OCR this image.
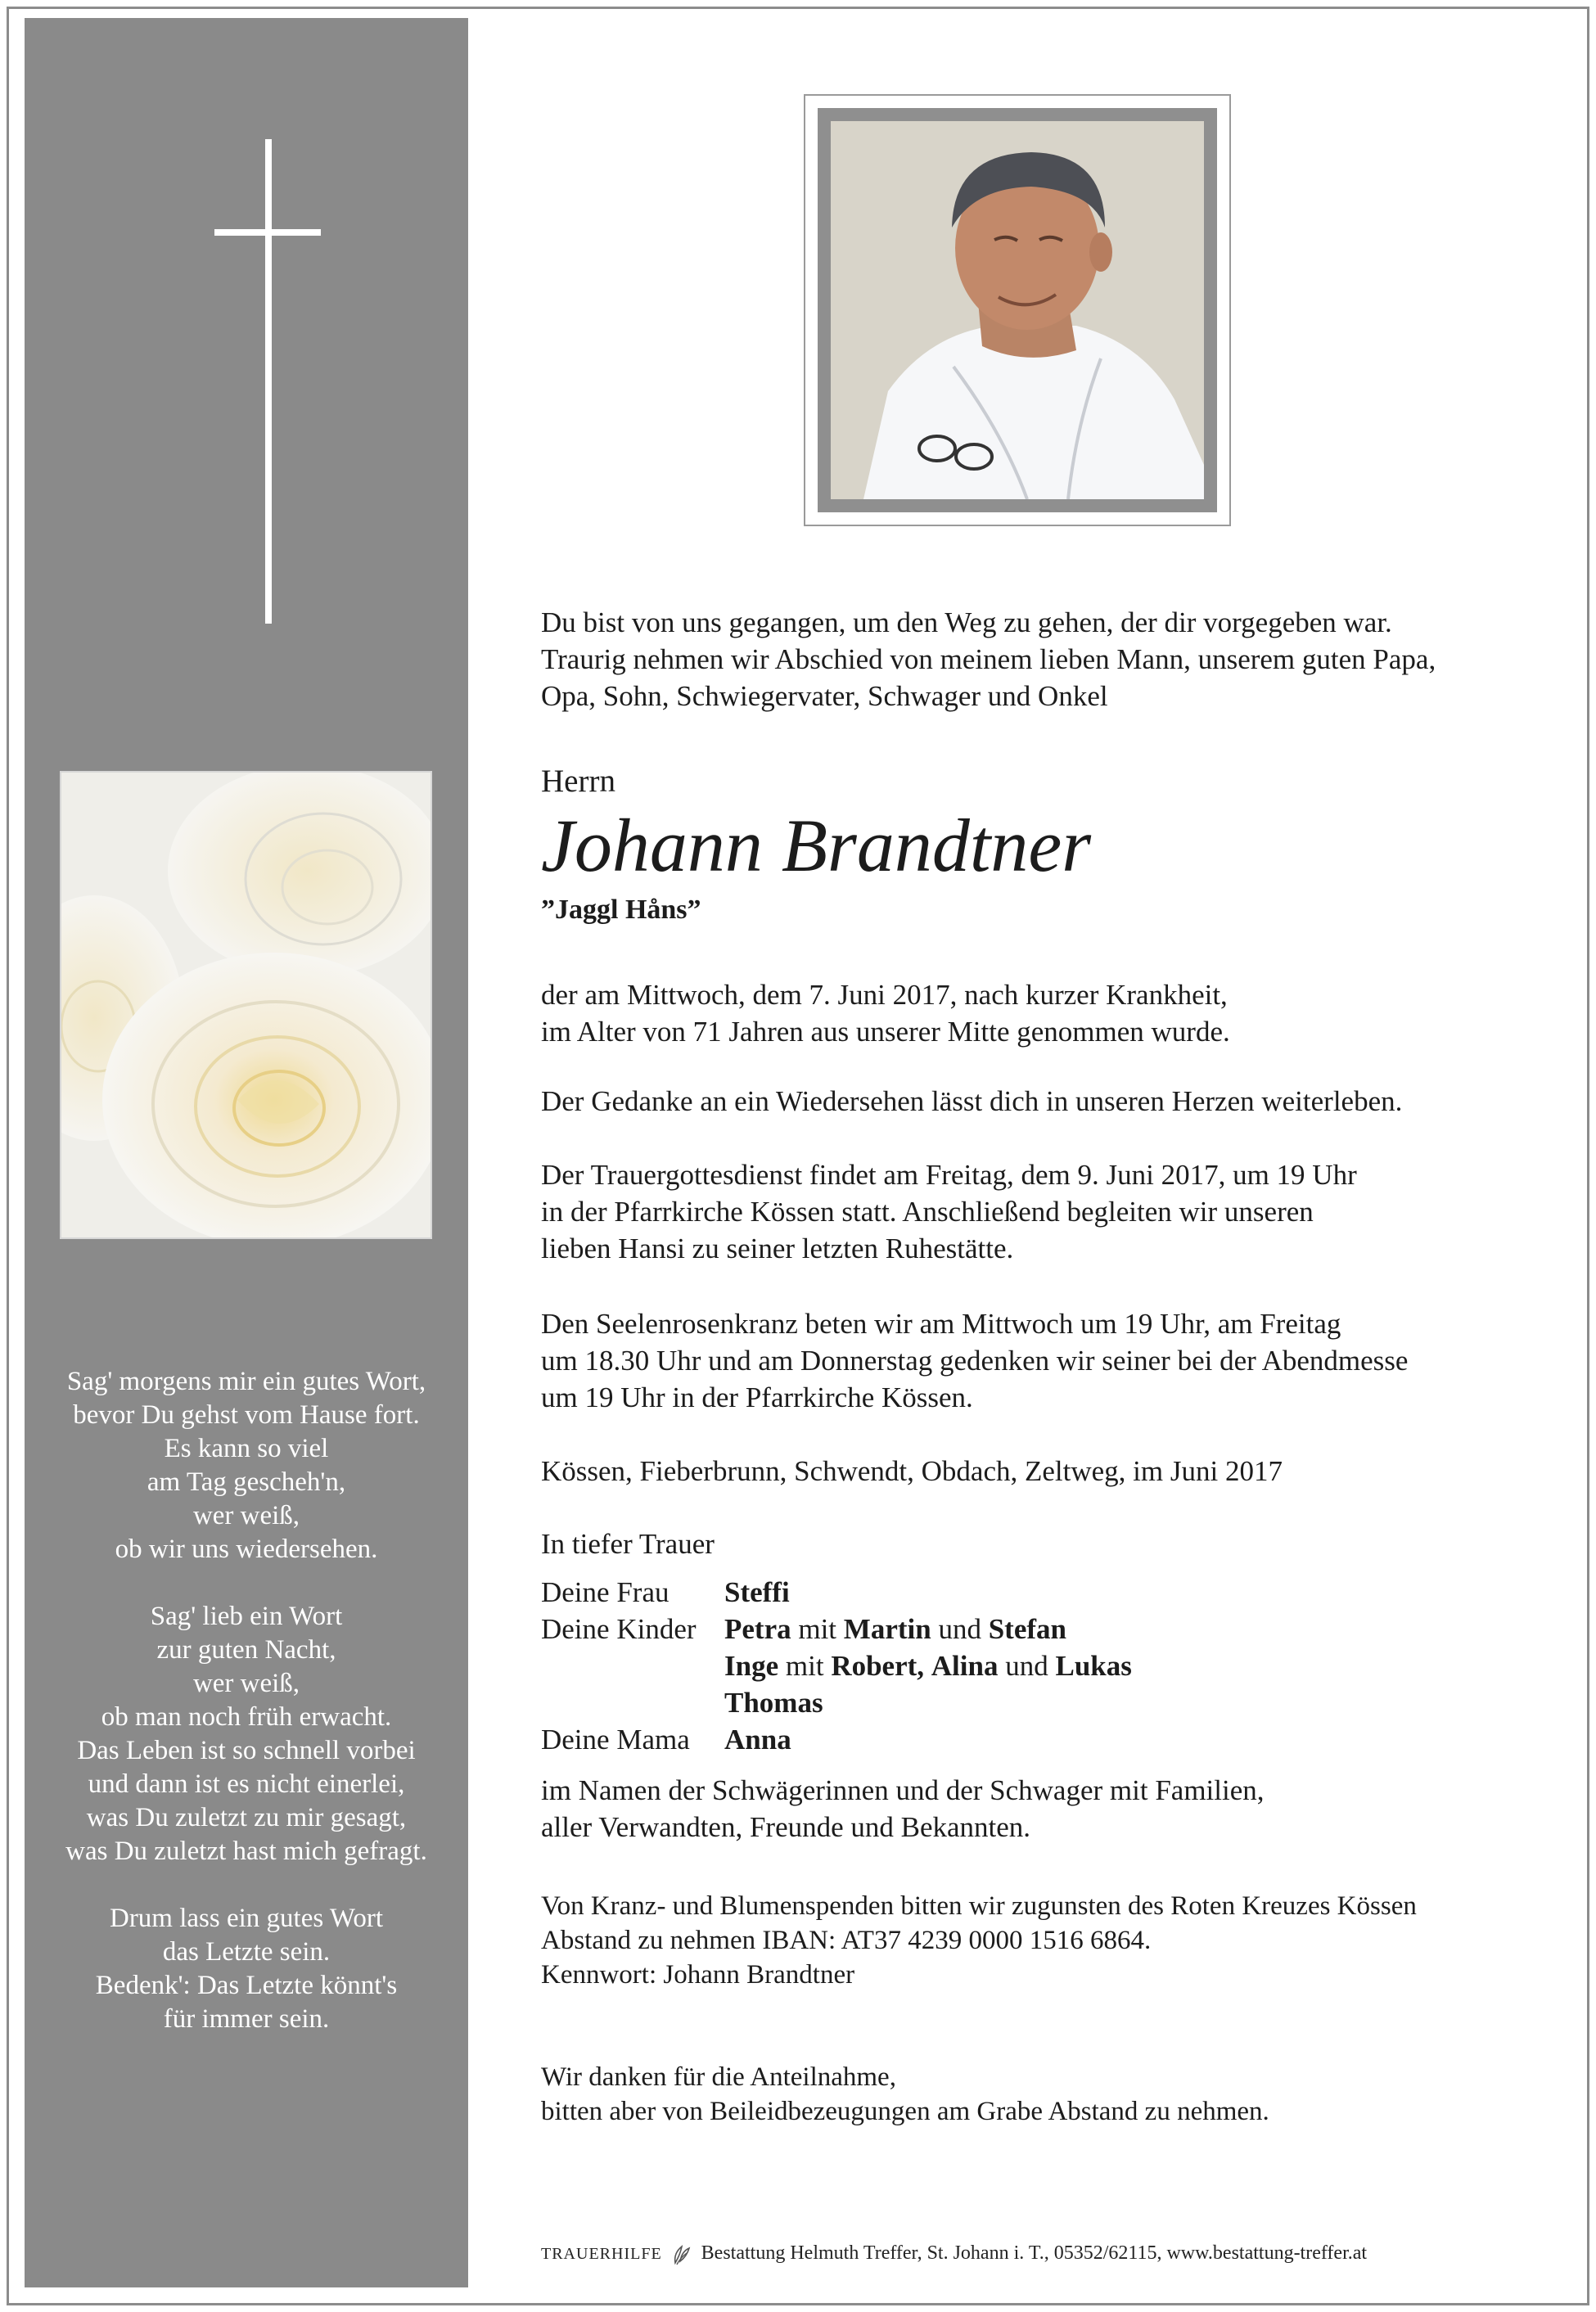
Sag' morgens mir ein gutes Wort,

bevor Du gehst vom Hause fort.

Es kann so viel

am Tag gescheh'n,

wer weiß,

ob wir uns wiedersehen.

Sag' lieb ein Wort

zur guten Nacht,

wer weiß,

ob man noch früh erwacht.

Das Leben ist so schnell vorbei

und dann ist es nicht einerlei,

was Du zuletzt zu mir gesagt,

was Du zuletzt hast mich gefragt.

Drum lass ein gutes Wort

das Letzte sein.

Bedenk': Das Letzte könnt's

für immer sein.

Du bist von uns gegangen, um den Weg zu gehen, der dir vorgegeben war.
Traurig nehmen wir Abschied von meinem lieben Mann, unserem guten Papa,
Opa, Sohn, Schwiegervater, Schwager und Onkel
Herrn
Johann Brandtner
”Jaggl Håns”
der am Mittwoch, dem 7. Juni 2017, nach kurzer Krankheit,
im Alter von 71 Jahren aus unserer Mitte genommen wurde.
Der Gedanke an ein Wiedersehen lässt dich in unseren Herzen weiterleben.
Der Trauergottesdienst findet am Freitag, dem 9. Juni 2017, um 19 Uhr
in der Pfarrkirche Kössen statt. Anschließend begleiten wir unseren
lieben Hansi zu seiner letzten Ruhestätte.
Den Seelenrosenkranz beten wir am Mittwoch um 19 Uhr, am Freitag
um 18.30 Uhr und am Donnerstag gedenken wir seiner bei der Abendmesse
um 19 Uhr in der Pfarrkirche Kössen.
Kössen, Fieberbrunn, Schwendt, Obdach, Zeltweg, im Juni 2017
In tiefer Trauer
Deine Frau Steffi
Deine Kinder Petra mit Martin und Stefan
Inge mit Robert, Alina und Lukas
Thomas
Deine Mama Anna
im Namen der Schwägerinnen und der Schwager mit Familien,
aller Verwandten, Freunde und Bekannten.
Von Kranz- und Blumenspenden bitten wir zugunsten des Roten Kreuzes Kössen
Abstand zu nehmen IBAN: AT37 4239 0000 1516 6864.
Kennwort: Johann Brandtner
Wir danken für die Anteilnahme,
bitten aber von Beileidbezeugungen am Grabe Abstand zu nehmen.
TRAUERHILFE Bestattung Helmuth Treffer, St. Johann i. T., 05352/62115, www.bestattung-treffer.at
